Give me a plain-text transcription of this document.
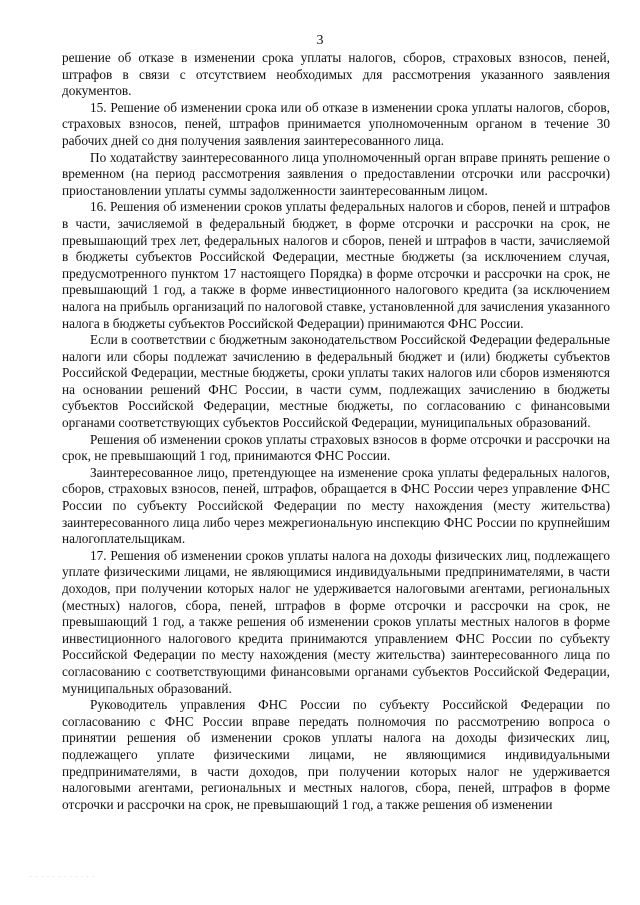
3

решение об отказе в изменении срока уплаты налогов, сборов, страховых взносов, пеней, штрафов в связи с отсутствием необходимых для рассмотрения указанного заявления документов.

15. Решение об изменении срока или об отказе в изменении срока уплаты налогов, сборов, страховых взносов, пеней, штрафов принимается уполномоченным органом в течение 30 рабочих дней со дня получения заявления заинтересованного лица.

По ходатайству заинтересованного лица уполномоченный орган вправе принять решение о временном (на период рассмотрения заявления о предоставлении отсрочки или рассрочки) приостановлении уплаты суммы задолженности заинтересованным лицом.

16. Решения об изменении сроков уплаты федеральных налогов и сборов, пеней и штрафов в части, зачисляемой в федеральный бюджет, в форме отсрочки и рассрочки на срок, не превышающий трех лет, федеральных налогов и сборов, пеней и штрафов в части, зачисляемой в бюджеты субъектов Российской Федерации, местные бюджеты (за исключением случая, предусмотренного пунктом 17 настоящего Порядка) в форме отсрочки и рассрочки на срок, не превышающий 1 год, а также в форме инвестиционного налогового кредита (за исключением налога на прибыль организаций по налоговой ставке, установленной для зачисления указанного налога в бюджеты субъектов Российской Федерации) принимаются ФНС России.

Если в соответствии с бюджетным законодательством Российской Федерации федеральные налоги или сборы подлежат зачислению в федеральный бюджет и (или) бюджеты субъектов Российской Федерации, местные бюджеты, сроки уплаты таких налогов или сборов изменяются на основании решений ФНС России, в части сумм, подлежащих зачислению в бюджеты субъектов Российской Федерации, местные бюджеты, по согласованию с финансовыми органами соответствующих субъектов Российской Федерации, муниципальных образований.

Решения об изменении сроков уплаты страховых взносов в форме отсрочки и рассрочки на срок, не превышающий 1 год, принимаются ФНС России.

Заинтересованное лицо, претендующее на изменение срока уплаты федеральных налогов, сборов, страховых взносов, пеней, штрафов, обращается в ФНС России через управление ФНС России по субъекту Российской Федерации по месту нахождения (месту жительства) заинтересованного лица либо через межрегиональную инспекцию ФНС России по крупнейшим налогоплательщикам.

17. Решения об изменении сроков уплаты налога на доходы физических лиц, подлежащего уплате физическими лицами, не являющимися индивидуальными предпринимателями, в части доходов, при получении которых налог не удерживается налоговыми агентами, региональных (местных) налогов, сбора, пеней, штрафов в форме отсрочки и рассрочки на срок, не превышающий 1 год, а также решения об изменении сроков уплаты местных налогов в форме инвестиционного налогового кредита принимаются управлением ФНС России по субъекту Российской Федерации по месту нахождения (месту жительства) заинтересованного лица по согласованию с соответствующими финансовыми органами субъектов Российской Федерации, муниципальных образований.

Руководитель управления ФНС России по субъекту Российской Федерации по согласованию с ФНС России вправе передать полномочия по рассмотрению вопроса о принятии решения об изменении сроков уплаты налога на доходы физических лиц, подлежащего уплате физическими лицами, не являющимися индивидуальными предпринимателями, в части доходов, при получении которых налог не удерживается налоговыми агентами, региональных и местных налогов, сбора, пеней, штрафов в форме отсрочки и рассрочки на срок, не превышающий 1 год, а также решения об изменении

· · · · · · · · · · · ·
